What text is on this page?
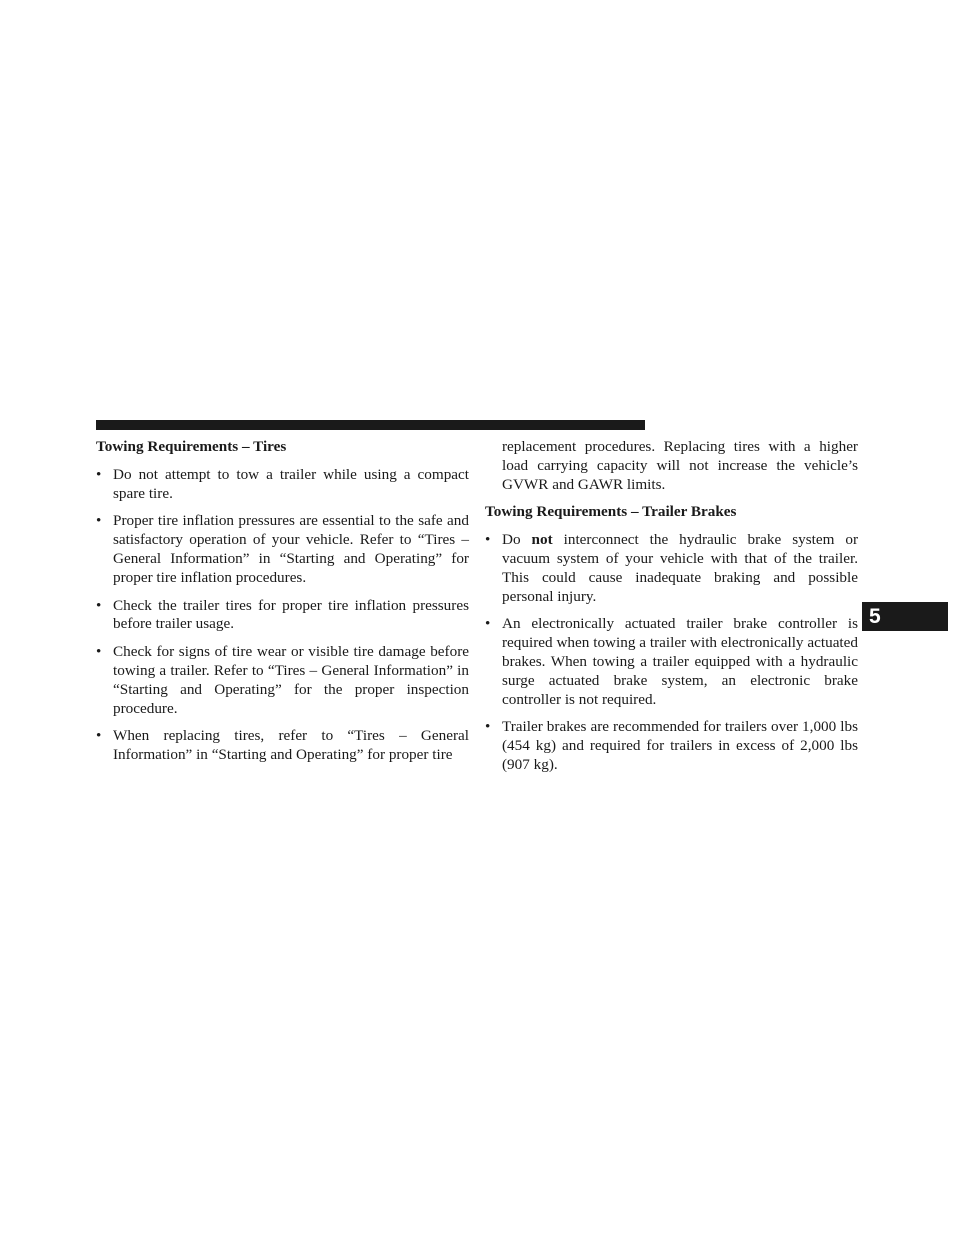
Towing Requirements – Tires
• Do not attempt to tow a trailer while using a compact spare tire.
• Proper tire inflation pressures are essential to the safe and satisfactory operation of your vehicle. Refer to “Tires – General Information” in “Starting and Operating” for proper tire inflation procedures.
• Check the trailer tires for proper tire inflation pressures before trailer usage.
• Check for signs of tire wear or visible tire damage before towing a trailer. Refer to “Tires – General Information” in “Starting and Operating” for the proper inspection procedure.
• When replacing tires, refer to “Tires – General Information” in “Starting and Operating” for proper tire
replacement procedures. Replacing tires with a higher load carrying capacity will not increase the vehicle’s GVWR and GAWR limits.
Towing Requirements – Trailer Brakes
• Do not interconnect the hydraulic brake system or vacuum system of your vehicle with that of the trailer. This could cause inadequate braking and possible personal injury.
• An electronically actuated trailer brake controller is required when towing a trailer with electronically actuated brakes. When towing a trailer equipped with a hydraulic surge actuated brake system, an electronic brake controller is not required.
• Trailer brakes are recommended for trailers over 1,000 lbs (454 kg) and required for trailers in excess of 2,000 lbs (907 kg).
5
